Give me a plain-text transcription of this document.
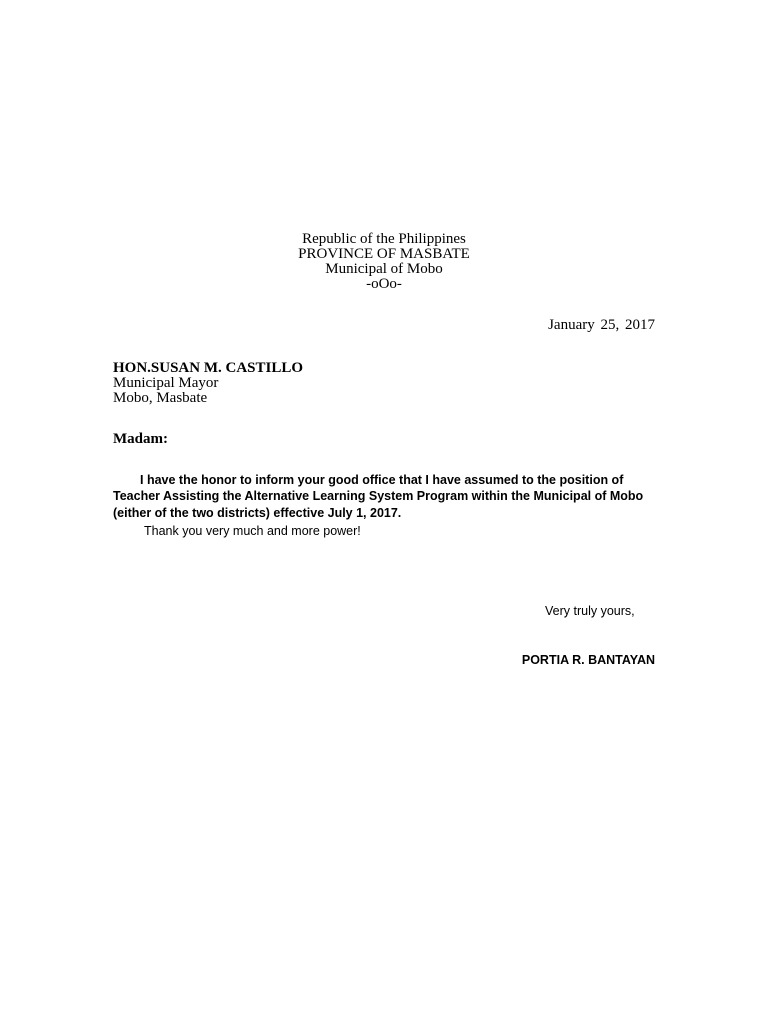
Republic of the Philippines
PROVINCE OF MASBATE
Municipal of Mobo
-oOo-

January 25, 2017

HON.SUSAN M. CASTILLO
Municipal Mayor
Mobo, Masbate

Madam:

I have the honor to inform your good office that I have assumed to the position of Teacher Assisting the Alternative Learning System Program within the Municipal of Mobo (either of the two districts) effective July 1, 2017.

Thank you very much and more power!

Very truly yours,

PORTIA R. BANTAYAN
